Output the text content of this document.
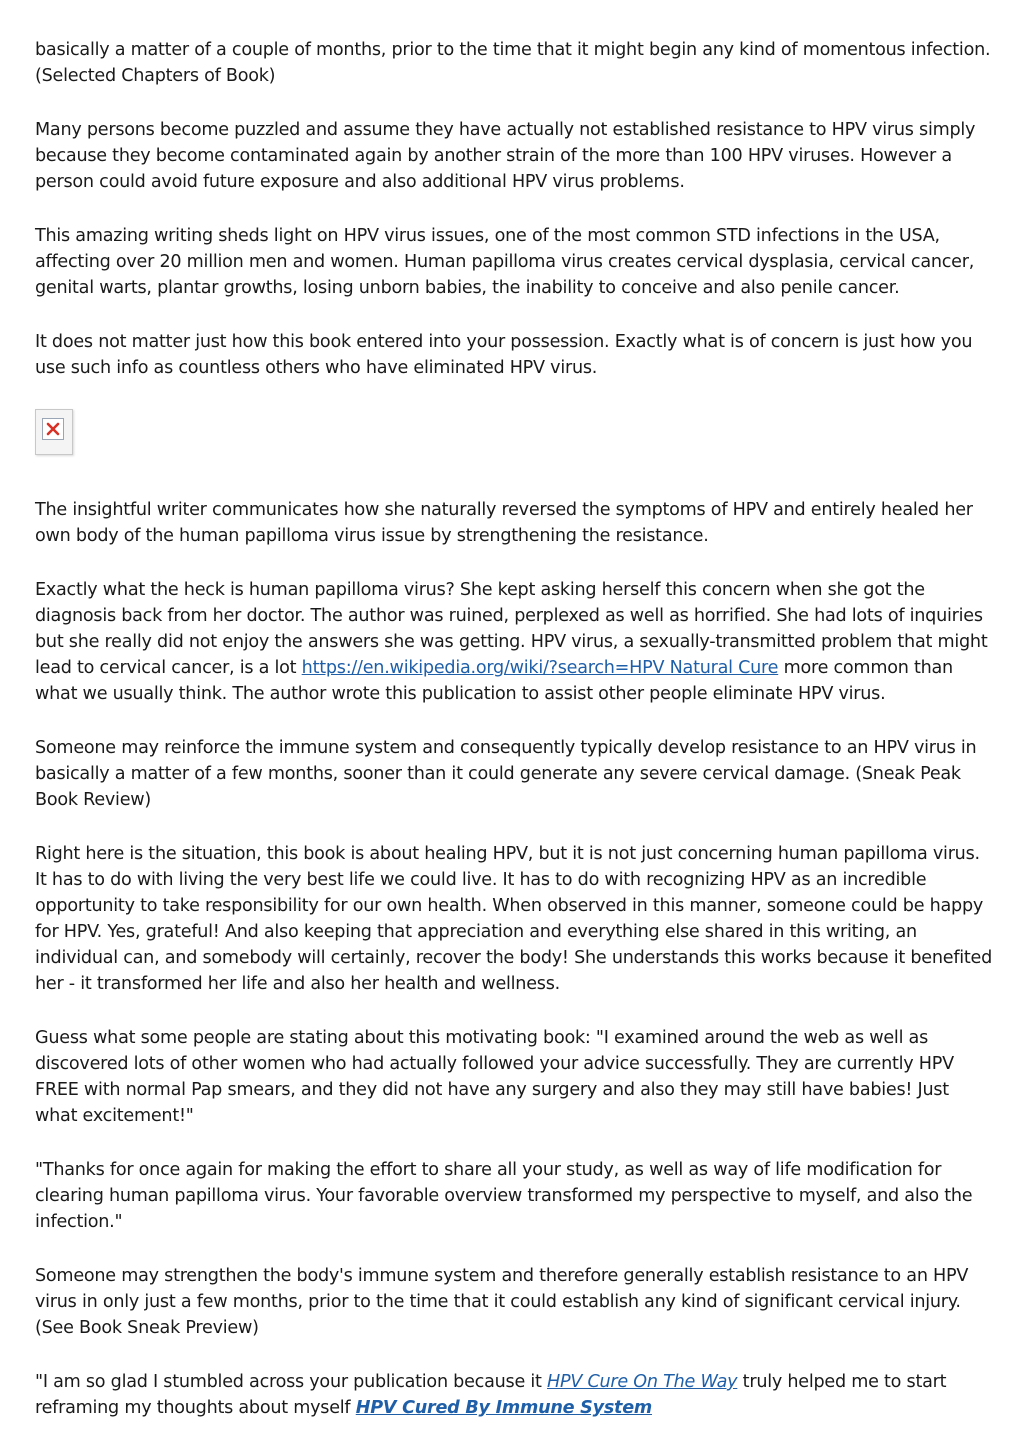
basically a matter of a couple of months, prior to the time that it might begin any kind of momentous infection. (Selected Chapters of Book)

Many persons become puzzled and assume they have actually not established resistance to HPV virus simply because they become contaminated again by another strain of the more than 100 HPV viruses. However a person could avoid future exposure and also additional HPV virus problems.

This amazing writing sheds light on HPV virus issues, one of the most common STD infections in the USA, affecting over 20 million men and women. Human papilloma virus creates cervical dysplasia, cervical cancer, genital warts, plantar growths, losing unborn babies, the inability to conceive and also penile cancer.

It does not matter just how this book entered into your possession. Exactly what is of concern is just how you use such info as countless others who have eliminated HPV virus.

The insightful writer communicates how she naturally reversed the symptoms of HPV and entirely healed her own body of the human papilloma virus issue by strengthening the resistance.

Exactly what the heck is human papilloma virus? She kept asking herself this concern when she got the diagnosis back from her doctor. The author was ruined, perplexed as well as horrified. She had lots of inquiries but she really did not enjoy the answers she was getting. HPV virus, a sexually-transmitted problem that might lead to cervical cancer, is a lot https://en.wikipedia.org/wiki/?search=HPV Natural Cure more common than what we usually think. The author wrote this publication to assist other people eliminate HPV virus.

Someone may reinforce the immune system and consequently typically develop resistance to an HPV virus in basically a matter of a few months, sooner than it could generate any severe cervical damage. (Sneak Peak Book Review)

Right here is the situation, this book is about healing HPV, but it is not just concerning human papilloma virus. It has to do with living the very best life we could live. It has to do with recognizing HPV as an incredible opportunity to take responsibility for our own health. When observed in this manner, someone could be happy for HPV. Yes, grateful! And also keeping that appreciation and everything else shared in this writing, an individual can, and somebody will certainly, recover the body! She understands this works because it benefited her - it transformed her life and also her health and wellness.

Guess what some people are stating about this motivating book: "I examined around the web as well as discovered lots of other women who had actually followed your advice successfully. They are currently HPV FREE with normal Pap smears, and they did not have any surgery and also they may still have babies! Just what excitement!"

"Thanks for once again for making the effort to share all your study, as well as way of life modification for clearing human papilloma virus. Your favorable overview transformed my perspective to myself, and also the infection."

Someone may strengthen the body's immune system and therefore generally establish resistance to an HPV virus in only just a few months, prior to the time that it could establish any kind of significant cervical injury. (See Book Sneak Preview)

"I am so glad I stumbled across your publication because it HPV Cure On The Way truly helped me to start reframing my thoughts about myself HPV Cured By Immune System
